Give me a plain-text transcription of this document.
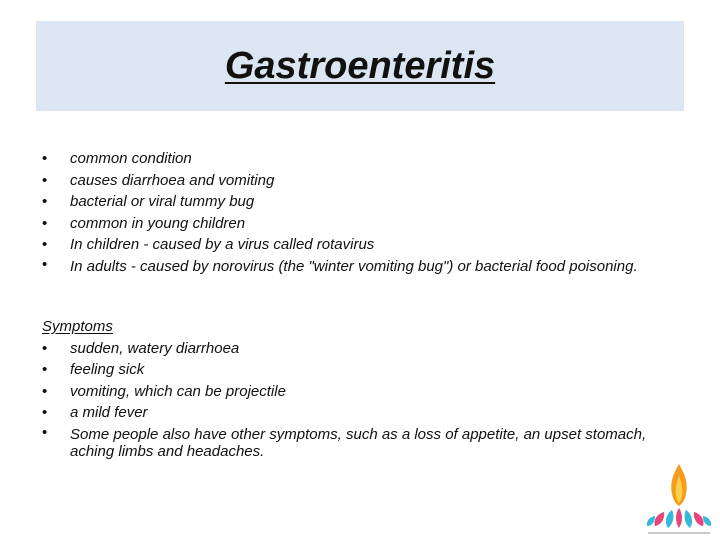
Gastroenteritis
• common condition
• causes diarrhoea and vomiting
• bacterial or viral tummy bug
• common in young children
• In children - caused by a virus called rotavirus
• In adults - caused by norovirus (the "winter vomiting bug") or bacterial food poisoning.
Symptoms
• sudden, watery diarrhoea
• feeling sick
• vomiting, which can be projectile
• a mild fever
• Some people also have other symptoms, such as a loss of appetite, an upset stomach, aching limbs and headaches.
